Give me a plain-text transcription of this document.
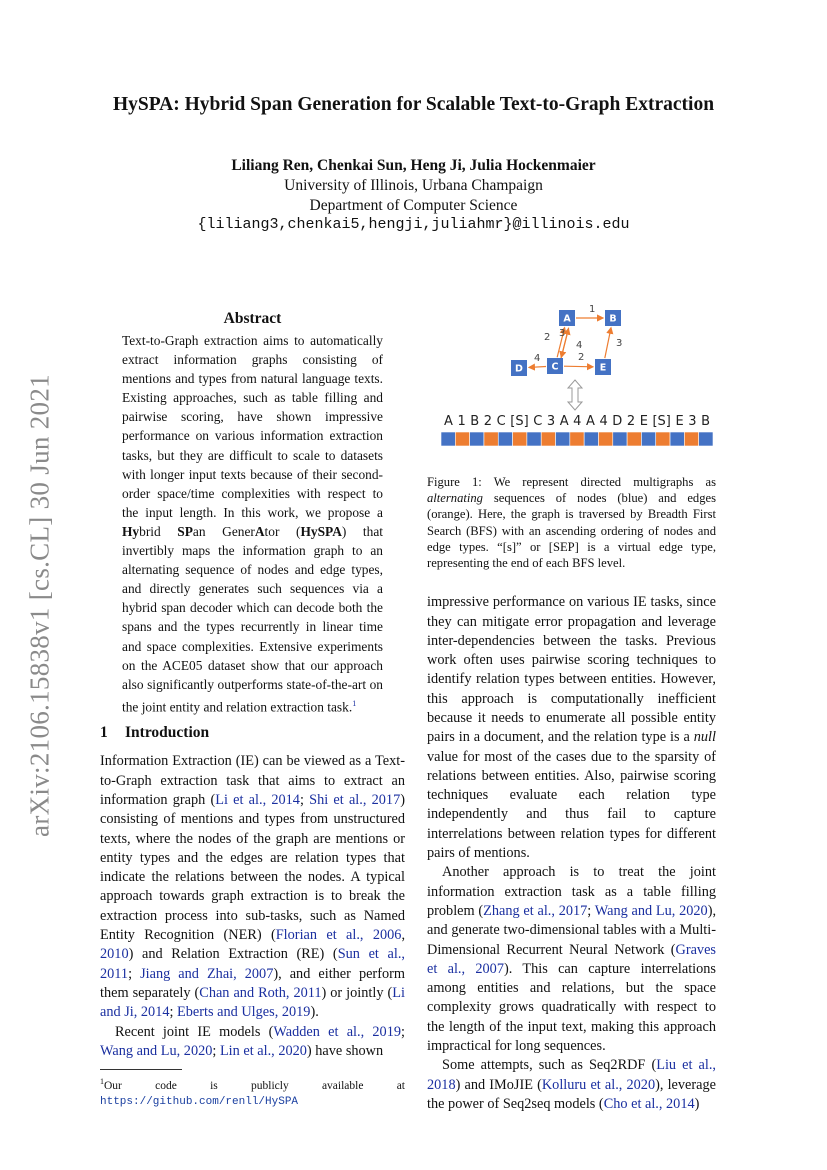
arXiv:2106.15838v1 [cs.CL] 30 Jun 2021
HySPA: Hybrid Span Generation for Scalable Text-to-Graph Extraction
Liliang Ren, Chenkai Sun, Heng Ji, Julia Hockenmaier
University of Illinois, Urbana Champaign
Department of Computer Science
{liliang3,chenkai5,hengji,juliahmr}@illinois.edu
Abstract

Text-to-Graph extraction aims to automatically extract information graphs consisting of mentions and types from natural language texts. Existing approaches, such as table filling and pairwise scoring, have shown impressive performance on various information extraction tasks, but they are difficult to scale to datasets with longer input texts because of their second-order space/time complexities with respect to the input length. In this work, we propose a Hybrid SPan GenerAtor (HySPA) that invertibly maps the information graph to an alternating sequence of nodes and edge types, and directly generates such sequences via a hybrid span decoder which can decode both the spans and the types recurrently in linear time and space complexities. Extensive experiments on the ACE05 dataset show that our approach also significantly outperforms state-of-the-art on the joint entity and relation extraction task.$^1$

1 Introduction

Information Extraction (IE) can be viewed as a Text-to-Graph extraction task that aims to extract an information graph (Li et al., 2014; Shi et al., 2017) consisting of mentions and types from unstructured texts, where the nodes of the graph are mentions or entity types and the edges are relation types that indicate the relations between the nodes. A typical approach towards graph extraction is to break the extraction process into sub-tasks, such as Named Entity Recognition (NER) (Florian et al., 2006, 2010) and Relation Extraction (RE) (Sun et al., 2011; Jiang and Zhai, 2007), and either perform them separately (Chan and Roth, 2011) or jointly (Li and Ji, 2014; Eberts and Ulges, 2019).

Recent joint IE models (Wadden et al., 2019; Wang and Lu, 2020; Lin et al., 2020) have shown

$^1$Our code is publicly available at https://github.com/renll/HySPA
1
2 3
4
4	2
3
A	B
C
D	E
A 1 B 2 C [S] C 3 A 4 A 4 D 2 E [S] E 3 B

Figure 1: We represent directed multigraphs as alternating sequences of nodes (blue) and edges (orange). Here, the graph is traversed by Breadth First Search (BFS) with an ascending ordering of nodes and edge types. “[s]” or [SEP] is a virtual edge type, representing the end of each BFS level.

impressive performance on various IE tasks, since they can mitigate error propagation and leverage inter-dependencies between the tasks. Previous work often uses pairwise scoring techniques to identify relation types between entities. However, this approach is computationally inefficient because it needs to enumerate all possible entity pairs in a document, and the relation type is a null value for most of the cases due to the sparsity of relations between entities. Also, pairwise scoring techniques evaluate each relation type independently and thus fail to capture interrelations between relation types for different pairs of mentions.

Another approach is to treat the joint information extraction task as a table filling problem (Zhang et al., 2017; Wang and Lu, 2020), and generate two-dimensional tables with a Multi-Dimensional Recurrent Neural Network (Graves et al., 2007). This can capture interrelations among entities and relations, but the space complexity grows quadratically with respect to the length of the input text, making this approach impractical for long sequences.

Some attempts, such as Seq2RDF (Liu et al., 2018) and IMoJIE (Kolluru et al., 2020), leverage the power of Seq2seq models (Cho et al., 2014)
